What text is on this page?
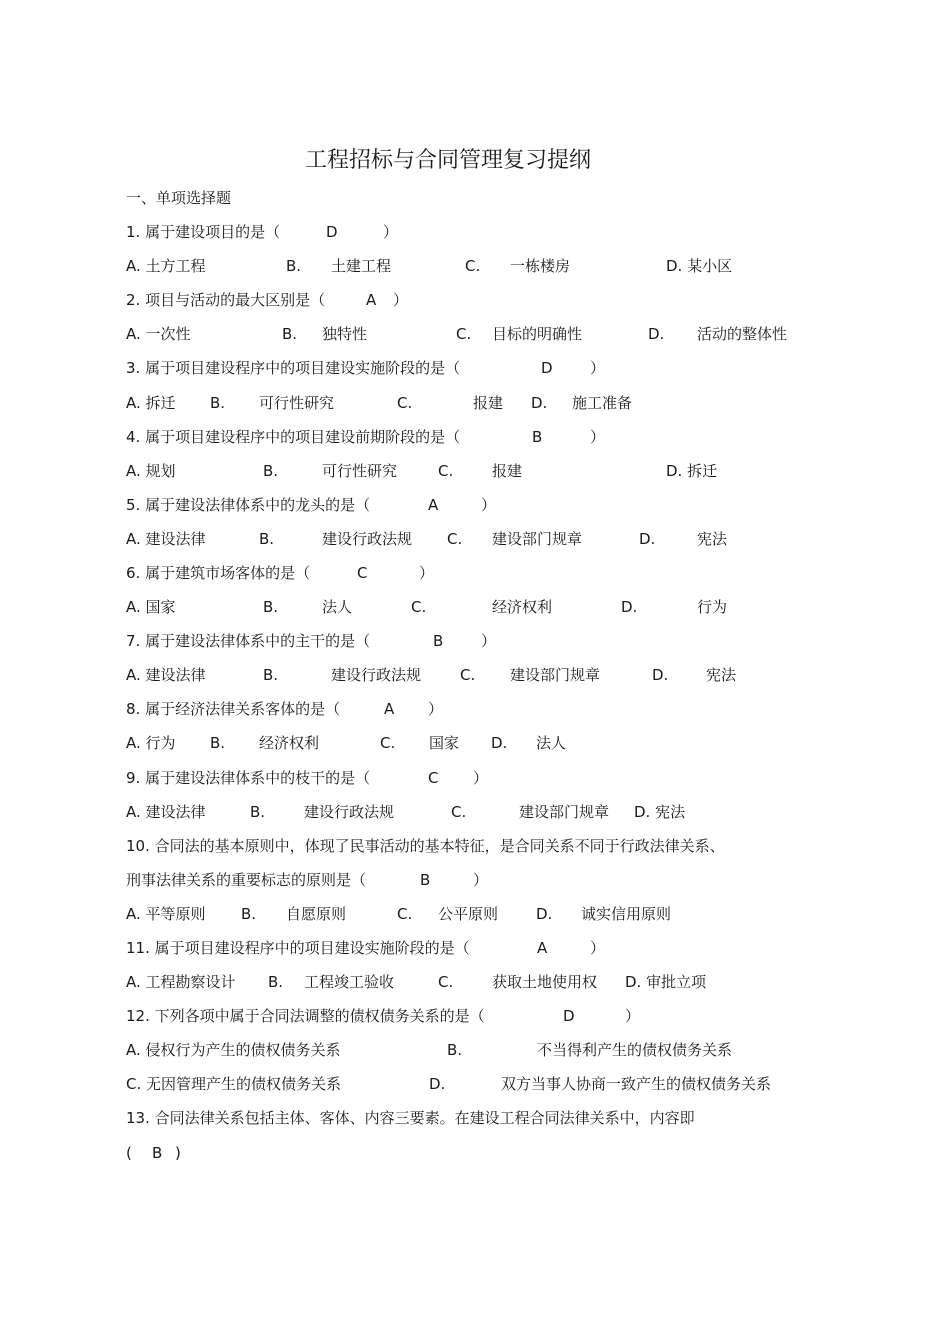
工程招标与合同管理复习提纲
一、单项选择题
1. 属于建设项目的是（	D	）
A. 土方工程	B. 土建工程	C. 一栋楼房	D. 某小区
2. 项目与活动的最大区别是（	A ）
A. 一次性	B. 独特性	C. 目标的明确性	D. 活动的整体性
3. 属于项目建设程序中的项目建设实施阶段的是（	D ）
A. 拆迁 B. 可行性研究	C.	报建 D. 施工准备
4. 属于项目建设程序中的项目建设前期阶段的是（	B	）
A. 规划	B.	可行性研究	C.	报建	D. 拆迁
5. 属于建设法律体系中的龙头的是（	A	）
A. 建设法律	B.	建设行政法规 C. 建设部门规章	D.	宪法
6. 属于建筑市场客体的是（	C	）
A. 国家	B.	法人	C.	经济权利	D.	行为
7. 属于建设法律体系中的主干的是（	B	）
A. 建设法律	B.	建设行政法规	C. 建设部门规章	D.	宪法
8. 属于经济法律关系客体的是（	A ）
A. 行为 B. 经济权利	C. 国家 D. 法人
9. 属于建设法律体系中的枝干的是（	C ）
A. 建设法律	B.	建设行政法规	C.	建设部门规章 D. 宪法
10. 合同法的基本原则中，体现了民事活动的基本特征，是合同关系不同于行政法律关系、
刑事法律关系的重要标志的原则是（	B	）
A. 平等原则 B. 自愿原则	C. 公平原则	D. 诚实信用原则
11. 属于项目建设程序中的项目建设实施阶段的是（	A	）
A. 工程勘察设计 B. 工程竣工验收	C.	获取土地使用权 D. 审批立项
12. 下列各项中属于合同法调整的债权债务关系的是（	D	）
A. 侵权行为产生的债权债务关系	B.	不当得利产生的债权债务关系
C. 无因管理产生的债权债务关系	D.	双方当事人协商一致产生的债权债务关系
13. 合同法律关系包括主体、客体、内容三要素。在建设工程合同法律关系中，内容即
( B )
